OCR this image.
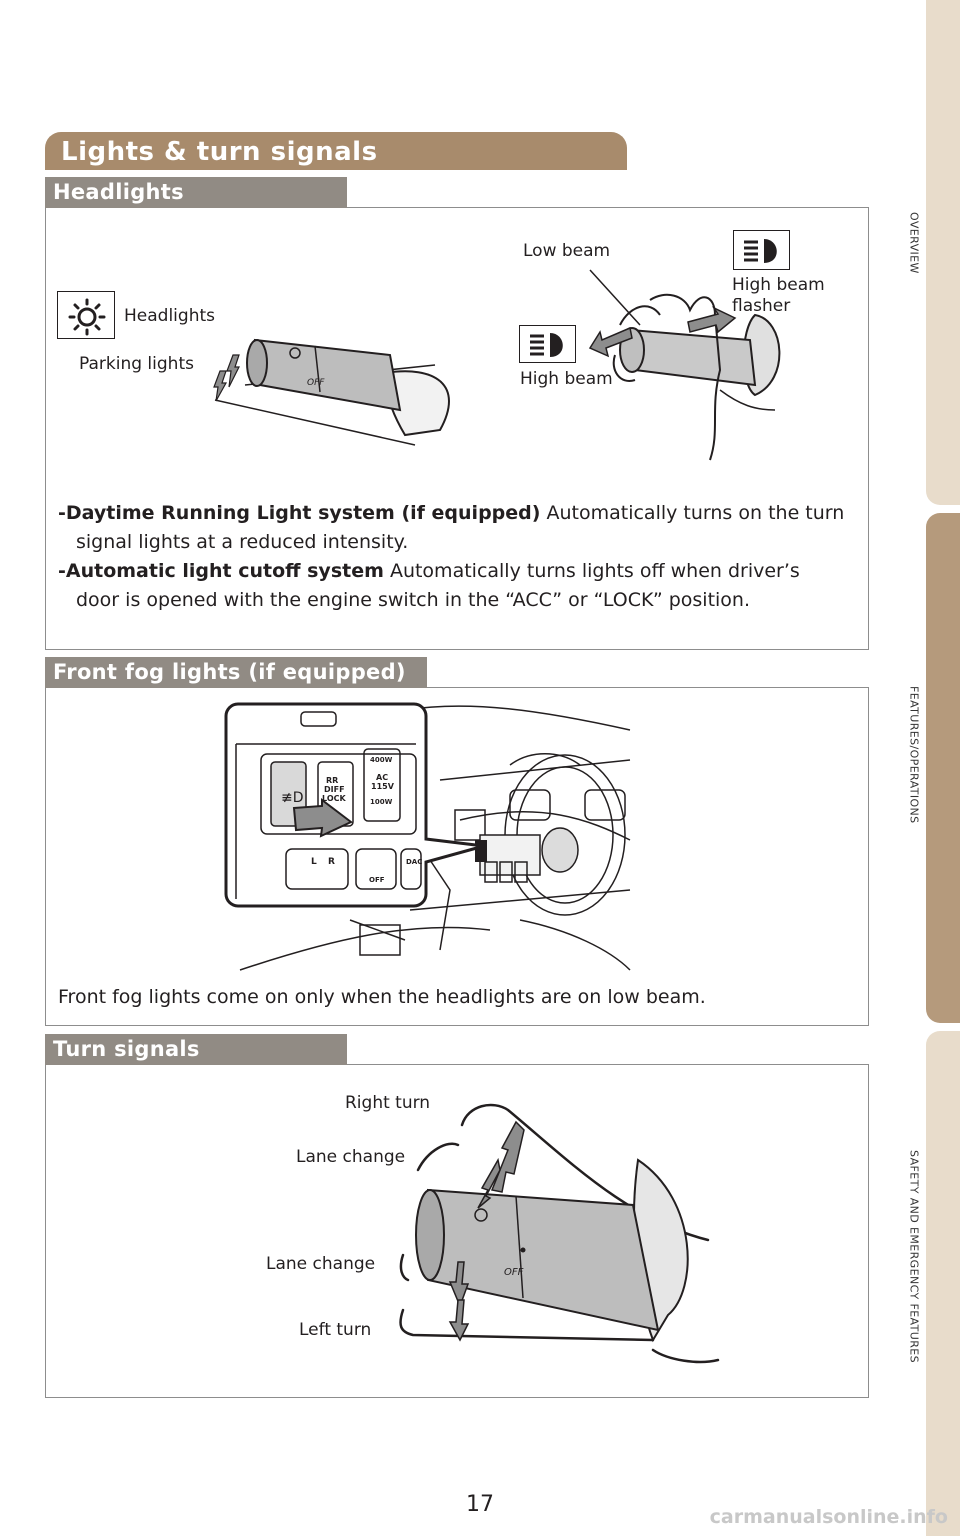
OVERVIEW
FEATURES/OPERATIONS
SAFETY AND EMERGENCY FEATURES
Lights & turn signals
Headlights
Headlights
Parking lights
OFF
Low beam
High beam
flasher
High beam
-Daytime Running Light system (if equipped) Automatically turns on the turn signal lights at a reduced intensity.
-Automatic light cutoff system Automatically turns lights off when driver’s door is opened with the engine switch in the “ACC” or “LOCK” position.
Front fog lights (if equipped)
≢D
RR
DIFF
LOCK
400W
AC
115V
100W
L R
OFF
DAC
Front fog lights come on only when the headlights are on low beam.
Turn signals
Right turn
Lane change
Lane change
Left turn
OFF
17	carmanualsonline.info
